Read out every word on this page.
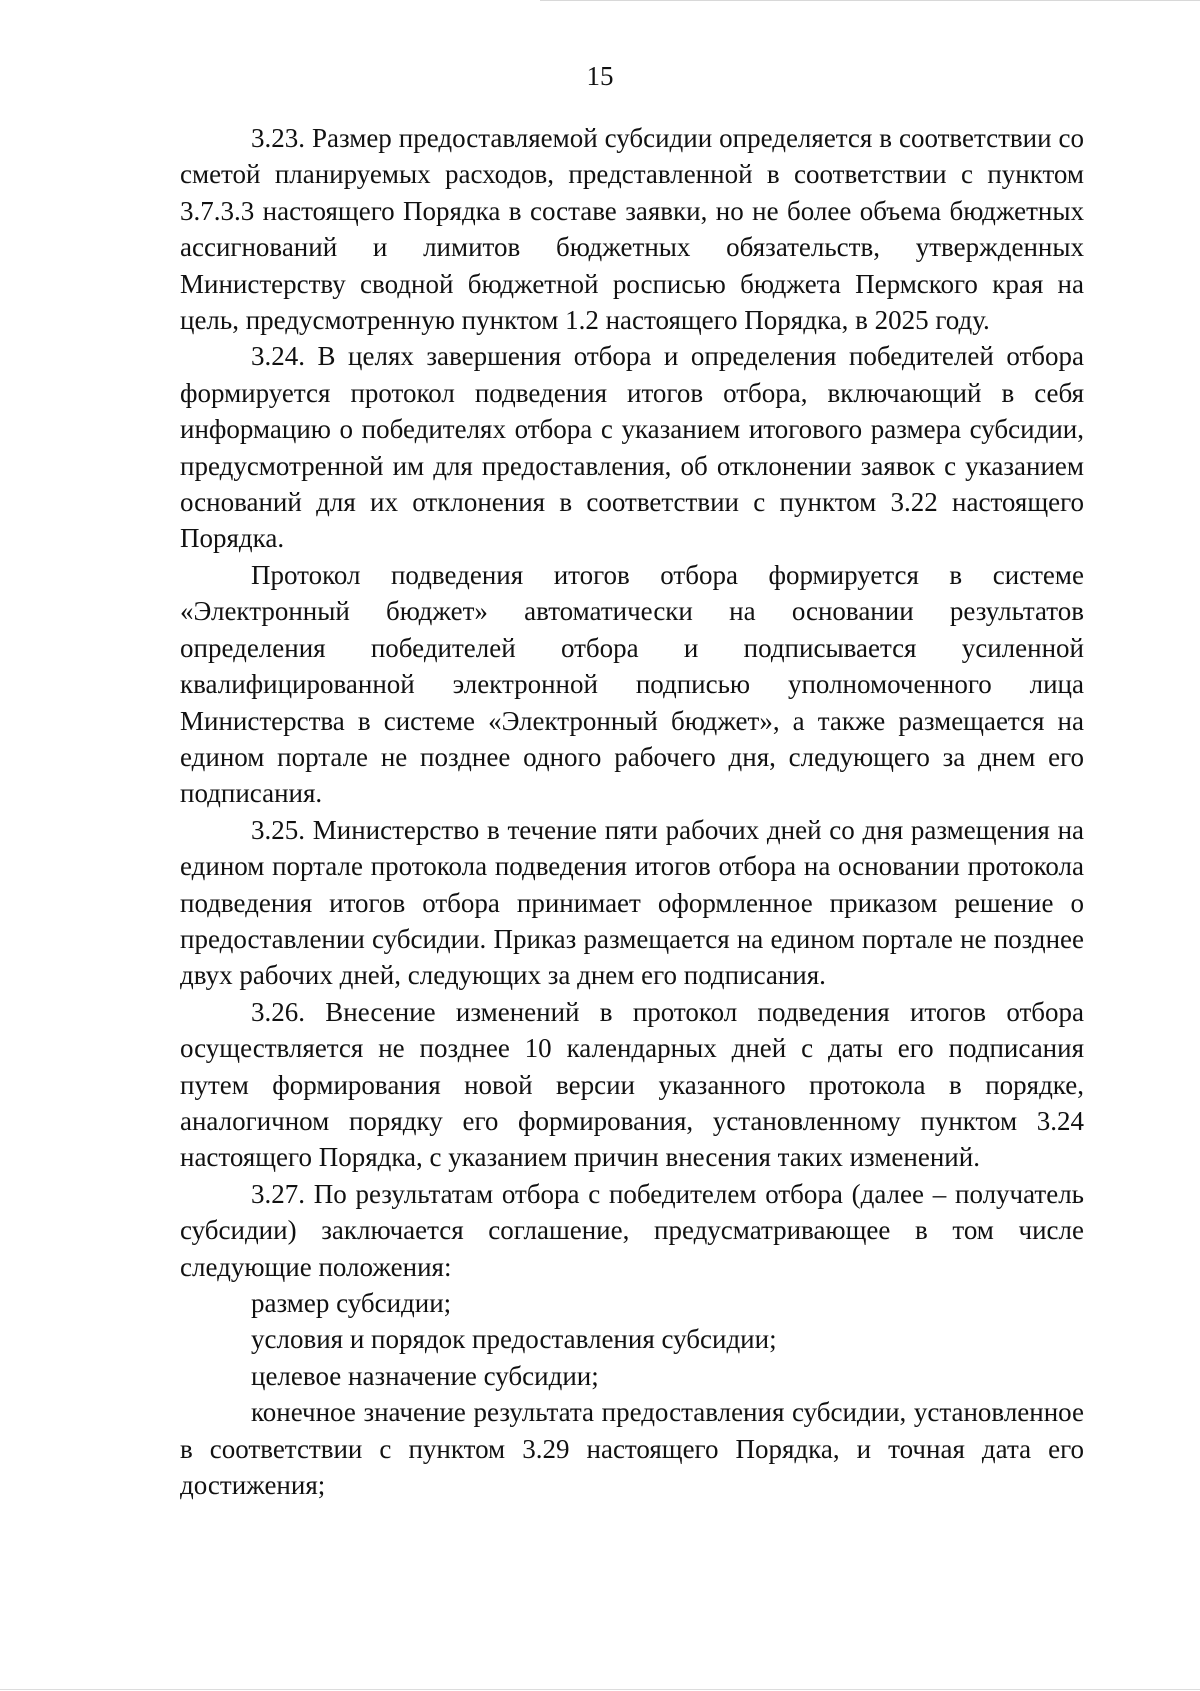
15

3.23. Размер предоставляемой субсидии определяется в соответствии со сметой планируемых расходов, представленной в соответствии с пунктом 3.7.3.3 настоящего Порядка в составе заявки, но не более объема бюджетных ассигнований и лимитов бюджетных обязательств, утвержденных Министерству сводной бюджетной росписью бюджета Пермского края на цель, предусмотренную пунктом 1.2 настоящего Порядка, в 2025 году.

3.24. В целях завершения отбора и определения победителей отбора формируется протокол подведения итогов отбора, включающий в себя информацию о победителях отбора с указанием итогового размера субсидии, предусмотренной им для предоставления, об отклонении заявок с указанием оснований для их отклонения в соответствии с пунктом 3.22 настоящего Порядка.

Протокол подведения итогов отбора формируется в системе «Электронный бюджет» автоматически на основании результатов определения победителей отбора и подписывается усиленной квалифицированной электронной подписью уполномоченного лица Министерства в системе «Электронный бюджет», а также размещается на едином портале не позднее одного рабочего дня, следующего за днем его подписания.

3.25. Министерство в течение пяти рабочих дней со дня размещения на едином портале протокола подведения итогов отбора на основании протокола подведения итогов отбора принимает оформленное приказом решение о предоставлении субсидии. Приказ размещается на едином портале не позднее двух рабочих дней, следующих за днем его подписания.

3.26. Внесение изменений в протокол подведения итогов отбора осуществляется не позднее 10 календарных дней с даты его подписания путем формирования новой версии указанного протокола в порядке, аналогичном порядку его формирования, установленному пунктом 3.24 настоящего Порядка, с указанием причин внесения таких изменений.

3.27. По результатам отбора с победителем отбора (далее – получатель субсидии) заключается соглашение, предусматривающее в том числе следующие положения:

размер субсидии;

условия и порядок предоставления субсидии;

целевое назначение субсидии;

конечное значение результата предоставления субсидии, установленное в соответствии с пунктом 3.29 настоящего Порядка, и точная дата его достижения;
